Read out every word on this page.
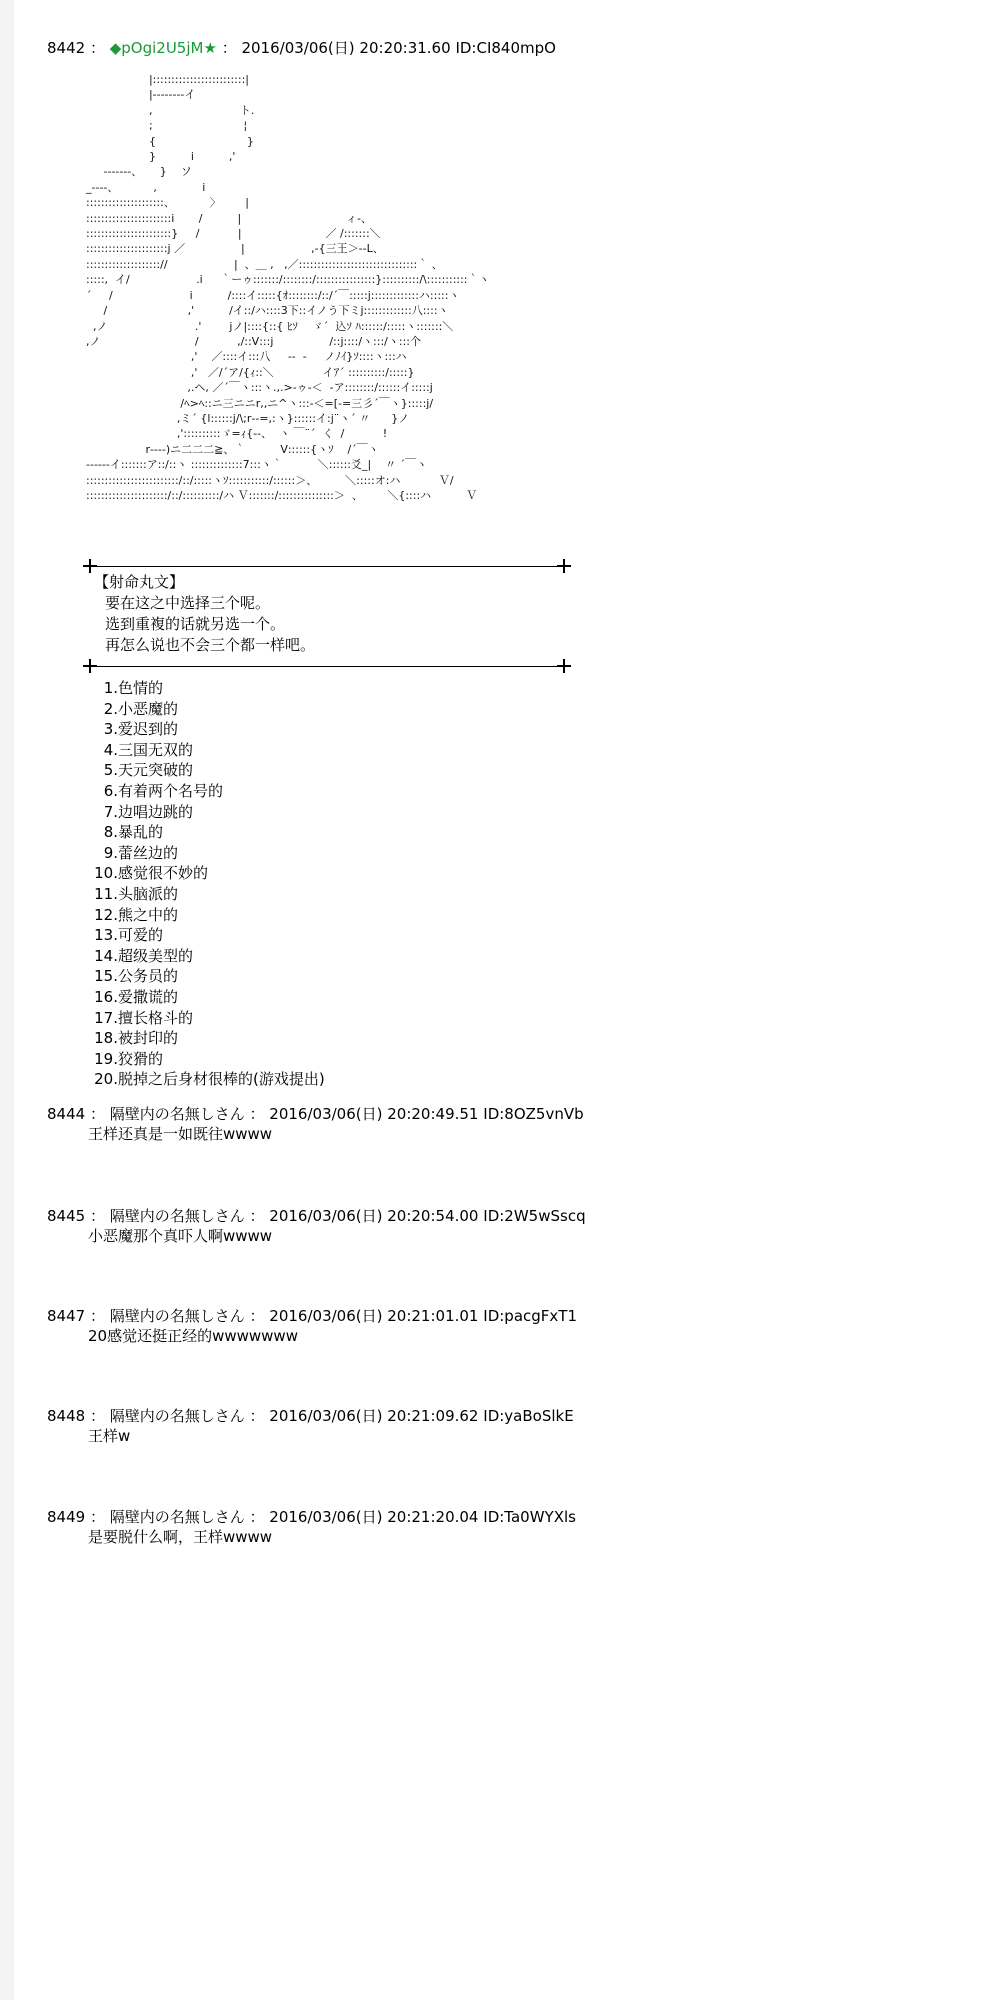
8442 ： ◆pOgi2U5jM★ ： 2016/03/06(日) 20:20:31.60 ID:CI840mpO
|:::::::::::::::::::::::::|
|‐‐‐‐‐‐‐‐イ
,                         ト.
;                          ¦
{                          }
}          i          ,'
‐-‐‐‐‐‐、     }    ソ
_‐‐‐‐、          ,             i
:::::::::::::::::::::、          〉       |
:::::::::::::::::::::::i       /          |                              ィ-、
:::::::::::::::::::::::}     /           |                        ／ /:::::::＼
::::::::::::::::::::::j ／                |                   ,-{三王＞--L、
:::::::::::::::::::://                   |  、＿ ,   ,／::::::::::::::::::::::::::::::::｀ 、
:::::,  イ/                   .i     ｀ーゥ:::::::/::::::::/::::::::::::::::}::::::::::/\:::::::::::｀ヽ
´     /                      i          /::::イ:::::{ｵ::::::::/::/´￣:::::j:::::::::::::ハ:::::ヽ
/                       ,'          /イ::/ハ::::3下::イノう下ミj:::::::::::::八::::ヽ
,ノ                         .'        jノ|::::{::{ ﾋｿ    ゞ´  込ｿ ﾊ::::::/:::::ヽ:::::::＼
,ノ                           /           ,/::Ⅴ:::j                /::j::::/ヽ:::/ヽ:::个
,'    ／::::イ:::八     ‐‐  ‐     ノﾉｲ}ｿ::::ヽ:::ハ
,'   ／/´ア/{ｨ::＼              イｱ´ ::::::::::/:::::}
,.ヘ, ／´￣ヽ:::ヽ.,.>‐ゥ‐＜  ‐ア::::::::/::::::イ:::::j
/ﾍ>ﾍ::ニ三ニニr,,ニ^ヽ:::‐＜=[‐=三彡´￣ヽ}:::::j/
,ミ´ {l::::::j/\;r‐‐=,:ヽ}::::::イ:j¨ヽ´ 〃      }ノ
,'::::::::::ゞ=ｨ{‐‐、  ヽ ￣¨´  く  /           !
r‐‐‐-)ニ二二二≧、｀          Ⅴ::::::{ヽｿ    /´￣ヽ
‐‐‐--‐イ:::::::ア::/::ヽ ::::::::::::::7:::ヽ｀          ＼::::::爻_|    〃 ´￣ヽ
:::::::::::::::::::::::::/::/:::::ヽｿ:::::::::::/::::::＞、        ＼:::::オ:ハ           Ｖ/
::::::::::::::::::::::/::/::::::::::/ハ Ｖ:::::::/:::::::::::::::＞  、       ＼{::::ハ          Ｖ

【射命丸文】

要在这之中选择三个呢。

选到重複的话就另选一个。

再怎么说也不会三个都一样吧。

1.色情的
2.小恶魔的
3.爱迟到的
4.三国无双的
5.天元突破的
6.有着两个名号的
7.边唱边跳的
8.暴乱的
9.蕾丝边的
10.感觉很不妙的
11.头脑派的
12.熊之中的
13.可爱的
14.超级美型的
15.公务员的
16.爱撒谎的
17.擅长格斗的
18.被封印的
19.狡猾的
20.脱掉之后身材很棒的(游戏提出)
8444 ： 隔壁内の名無しさん ： 2016/03/06(日) 20:20:49.51 ID:8OZ5vnVb
王样还真是一如既往wwww
8445 ： 隔壁内の名無しさん ： 2016/03/06(日) 20:20:54.00 ID:2W5wSscq
小恶魔那个真吓人啊wwww
8447 ： 隔壁内の名無しさん ： 2016/03/06(日) 20:21:01.01 ID:pacgFxT1
20感觉还挺正经的wwwwwww
8448 ： 隔壁内の名無しさん ： 2016/03/06(日) 20:21:09.62 ID:yaBoSlkE
王样w
8449 ： 隔壁内の名無しさん ： 2016/03/06(日) 20:21:20.04 ID:Ta0WYXls
是要脱什么啊，王样wwww
